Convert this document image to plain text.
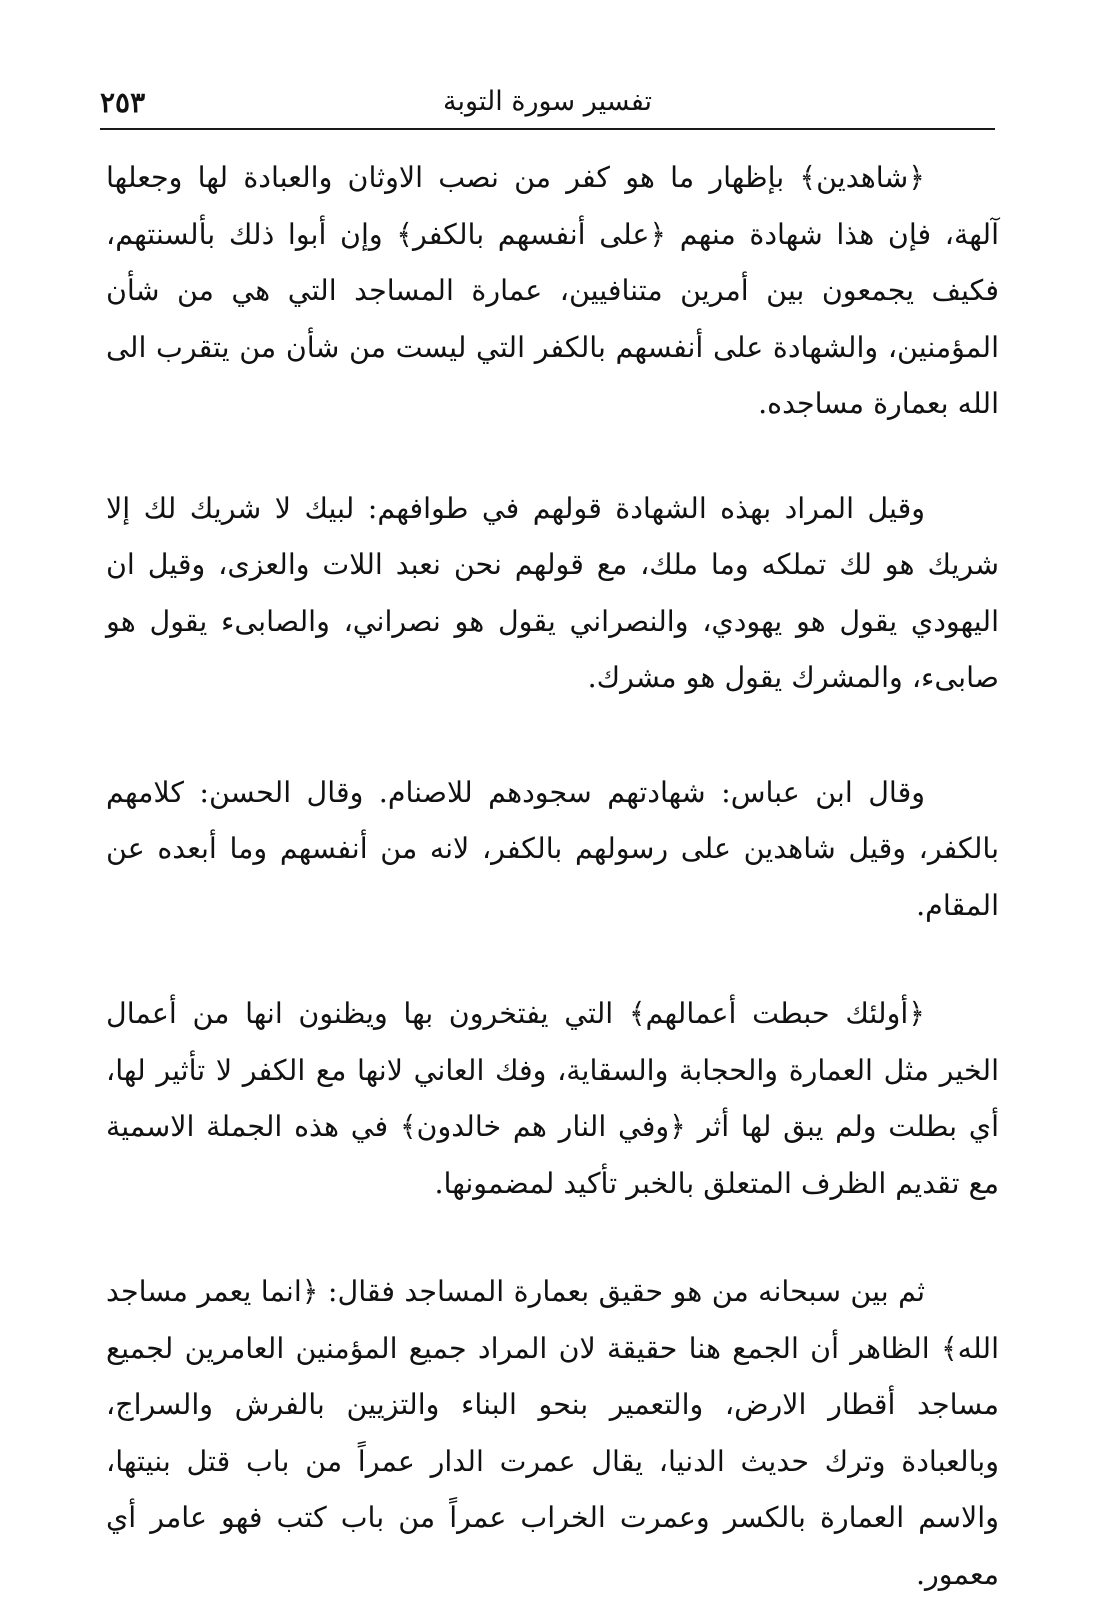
٢٥٣	تفسير سورة التوبة

﴿شاهدين﴾ بإظهار ما هو كفر من نصب الاوثان والعبادة لها وجعلها آلهة، فإن هذا شهادة منهم ﴿على أنفسهم بالكفر﴾ وإن أبوا ذلك بألسنتهم، فكيف يجمعون بين أمرين متنافيين، عمارة المساجد التي هي من شأن المؤمنين، والشهادة على أنفسهم بالكفر التي ليست من شأن من يتقرب الى الله بعمارة مساجده.

وقيل المراد بهذه الشهادة قولهم في طوافهم: لبيك لا شريك لك إلا شريك هو لك تملكه وما ملك، مع قولهم نحن نعبد اللات والعزى، وقيل ان اليهودي يقول هو يهودي، والنصراني يقول هو نصراني، والصابىء يقول هو صابىء، والمشرك يقول هو مشرك.

وقال ابن عباس: شهادتهم سجودهم للاصنام. وقال الحسن: كلامهم بالكفر، وقيل شاهدين على رسولهم بالكفر، لانه من أنفسهم وما أبعده عن المقام.

﴿أولئك حبطت أعمالهم﴾ التي يفتخرون بها ويظنون انها من أعمال الخير مثل العمارة والحجابة والسقاية، وفك العاني لانها مع الكفر لا تأثير لها، أي بطلت ولم يبق لها أثر ﴿وفي النار هم خالدون﴾ في هذه الجملة الاسمية مع تقديم الظرف المتعلق بالخبر تأكيد لمضمونها.

ثم بين سبحانه من هو حقيق بعمارة المساجد فقال: ﴿انما يعمر مساجد الله﴾ الظاهر أن الجمع هنا حقيقة لان المراد جميع المؤمنين العامرين لجميع مساجد أقطار الارض، والتعمير بنحو البناء والتزيين بالفرش والسراج، وبالعبادة وترك حديث الدنيا، يقال عمرت الدار عمراً من باب قتل بنيتها، والاسم العمارة بالكسر وعمرت الخراب عمراً من باب كتب فهو عامر أي معمور.
